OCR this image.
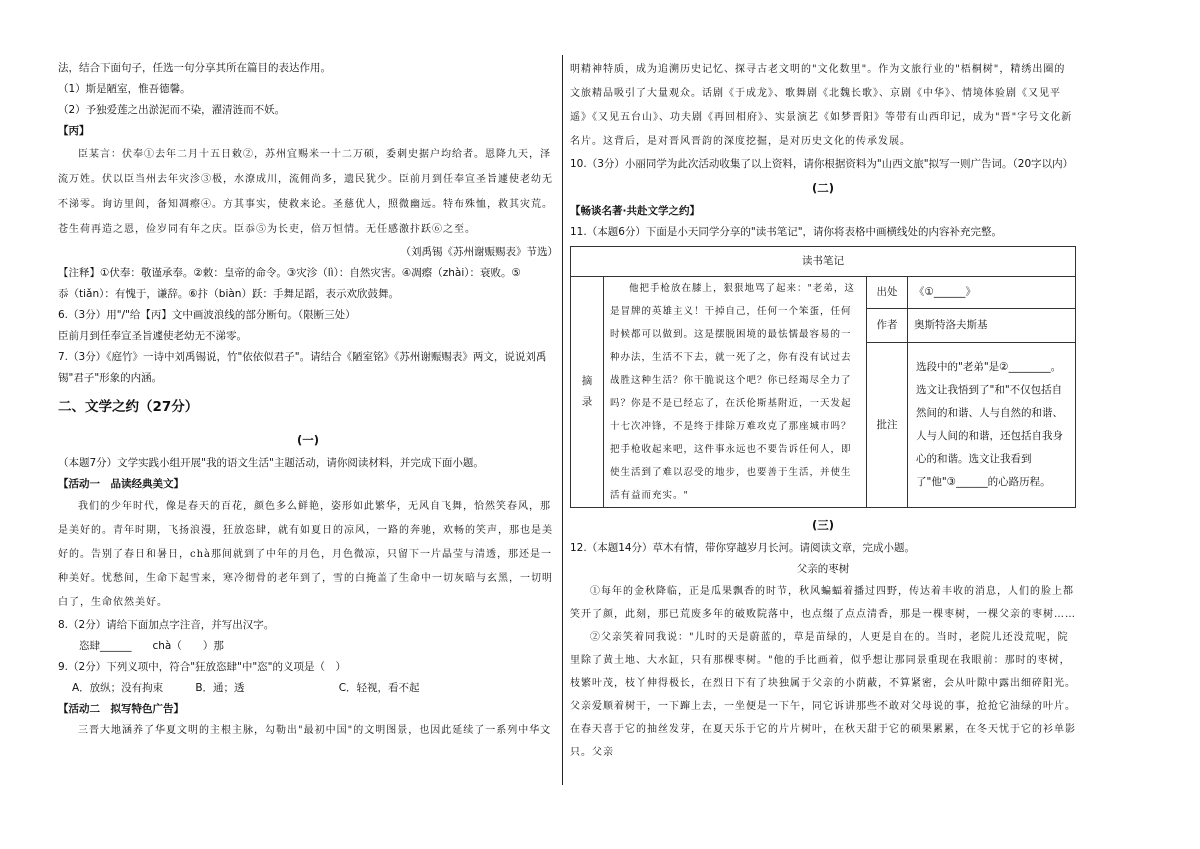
法，结合下面句子，任选一句分享其所在篇目的表达作用。

（1）斯是陋室，惟吾德馨。

（2）予独爱莲之出淤泥而不染，濯清涟而不妖。

【丙】

臣某言：伏奉①去年二月十五日敕②，苏州宜赐米一十二万硕，委刺史据户均给者。恩降九天，泽流万姓。伏以臣当州去年灾沴③极，水潦成川，流佣尚多，遗民犹少。臣前月到任奉宣圣旨遽使老幼无不涕零。询访里闾，备知凋瘵④。方其事实，使救来论。圣慈优人，照微幽远。特布殊恤，救其灾荒。苍生荷再造之恩，俭岁同有年之庆。臣忝⑤为长吏，倍万恒情。无任感激抃跃⑥之至。

（刘禹锡《苏州谢赈赐表》节选）

【注释】①伏奉：敬谨承奉。②敕：皇帝的命令。③灾沴（lì）：自然灾害。④凋瘵（zhài）：衰败。⑤

忝（tiǎn）：有愧于，谦辞。⑥抃（biàn）跃：手舞足蹈，表示欢欣鼓舞。

6.（3分）用"/"给【丙】文中画波浪线的部分断句。（限断三处）

臣前月到任奉宣圣旨遽使老幼无不涕零。

7.（3分）《庭竹》一诗中刘禹锡说，竹"依依似君子"。请结合《陋室铭》《苏州谢赈赐表》两文，说说刘禹

锡"君子"形象的内涵。

二、文学之约（27分）

(一)

（本题7分）文学实践小组开展"我的语文生活"主题活动，请你阅读材料，并完成下面小题。

【活动一　品读经典美文】

我们的少年时代，像是春天的百花，颜色多么鲜艳，姿形如此繁华，无风自飞舞，恰然笑春风，那是美好的。青年时期，飞扬浪漫，狂放恣肆，就有如夏日的凉风，一路的奔驰，欢畅的笑声，那也是美好的。告别了春日和暑日，chà那间就到了中年的月色，月色微凉，只留下一片晶莹与清透，那还是一种美好。忧愁间，生命下起雪来，寒冷彻骨的老年到了，雪的白掩盖了生命中一切灰暗与玄黑，一切明白了，生命依然美好。

8.（2分）请给下面加点字注音，并写出汉字。

恣肆______　　chà（　　）那

9.（2分）下列义项中，符合"狂放恣肆"中"恣"的义项是（　）

A．放纵；没有拘束	B．通；透	C．轻视，看不起

【活动二　拟写特色广告】

三晋大地涵养了华夏文明的主根主脉，勾勒出"最初中国"的文明图景，也因此延续了一系列中华文

明精神特质，成为追溯历史记忆、探寻古老文明的"文化数里"。作为文旅行业的"梧桐树"，精绣出圈的文旅精品吸引了大量观众。话剧《于成龙》、歌舞剧《北魏长歌》、京剧《中华》、情境体验剧《又见平遥》《又见五台山》、功夫剧《再回相府》、实景演艺《如梦晋阳》等带有山西印记，成为"晋"字号文化新名片。这背后，是对晋风晋韵的深度挖掘，是对历史文化的传承发展。

10.（3分）小丽同学为此次活动收集了以上资料，请你根据资料为"山西文旅"拟写一则广告词。（20字以内）

(二)

【畅谈名著·共赴文学之约】

11.（本题6分）下面是小天同学分享的"读书笔记"，请你将表格中画横线处的内容补充完整。

读书笔记			
摘录	他把手枪放在膝上，狠狠地骂了起来："老弟，这是冒牌的英雄主义！干掉自己，任何一个笨蛋，任何时候都可以做到。这是摆脱困境的最怯懦最容易的一种办法，生活不下去，就一死了之，你有没有试过去战胜这种生活？你干脆说这个吧？你已经竭尽全力了吗？你是不是已经忘了，在沃伦斯基附近，一天发起十七次冲锋，不是终于排除万难攻克了那座城市吗？把手枪收起来吧，这件事永远也不要告诉任何人，即使生活到了难以忍受的地步，也要善于生活，并使生活有益而充实。"	出处	《①______》
		作者	奥斯特洛夫斯基
		批注	选段中的"老弟"是②________。选文让我悟到了"和"不仅包括自然间的和谐、人与自然的和谐、人与人间的和谐，还包括自我身心的和谐。选文让我看到了"他"③______的心路历程。

(三)

12.（本题14分）草木有情，带你穿越岁月长河。请阅读文章，完成小题。

父亲的枣树

①每年的金秋降临，正是瓜果飘香的时节，秋风蝙蝠着播过四野，传达着丰收的消息，人们的脸上都笑开了颜，此刻，那已荒废多年的破败院落中，也点缀了点点清香，那是一棵枣树，一棵父亲的枣树……

②父亲笑着同我说："儿时的天是蔚蓝的，草是苗绿的，人更是自在的。当时，老院儿还没荒呢，院里除了黄土地、大水缸，只有那棵枣树。"他的手比画着，似乎想让那同景重现在我眼前：那时的枣树，枝繁叶茂，枝丫伸得极长，在烈日下有了块独属于父亲的小荫蔽，不算紧密，会从叶隙中露出细碎阳光。父亲爱顺着树干，一下蹿上去，一坐便是一下午，同它诉讲那些不敢对父母说的事，抢抢它油绿的叶片。在春天喜于它的抽丝发芽，在夏天乐于它的片片树叶，在秋天甜于它的硕果累累，在冬天忧于它的衫单影只。父亲
